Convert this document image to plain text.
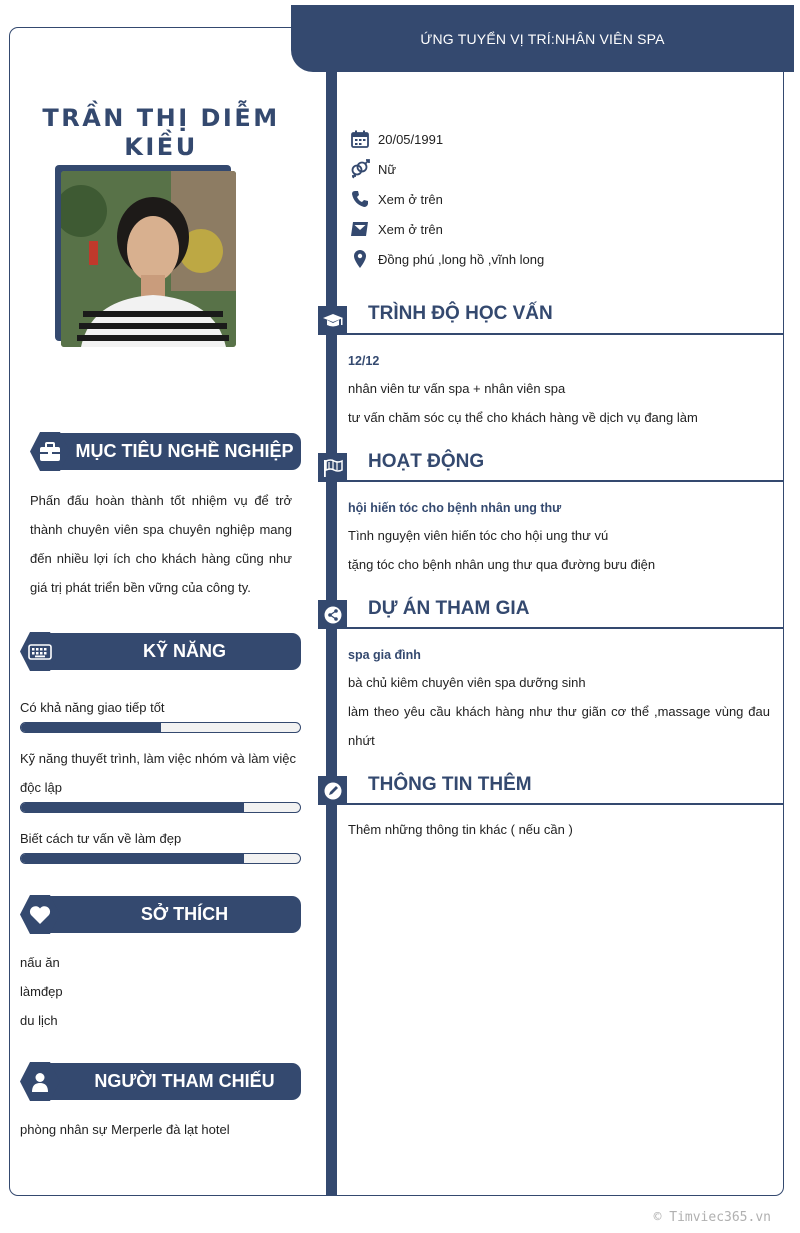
ỨNG TUYỂN VỊ TRÍ:NHÂN VIÊN SPA
TRẦN THỊ DIỄM KIỀU
MỤC TIÊU NGHỀ NGHIỆP
Phấn đấu hoàn thành tốt nhiệm vụ để trở thành chuyên viên spa chuyên nghiệp mang đến nhiều lợi ích cho khách hàng cũng như giá trị phát triển bền vững của công ty.
KỸ NĂNG
Có khả năng giao tiếp tốt
Kỹ năng thuyết trình, làm việc nhóm và làm việc độc lập
Biết cách tư vấn về làm đẹp
SỞ THÍCH
nấu ăn
làmđẹp
du lịch
NGƯỜI THAM CHIẾU
phòng nhân sự Merperle đà lạt hotel
20/05/1991
Nữ
Xem ở trên
Xem ở trên
Đồng phú ,long hồ ,vĩnh long
TRÌNH ĐỘ HỌC VẤN
12/12
nhân viên tư vấn spa + nhân viên spa
tư vấn chăm sóc cụ thể cho khách hàng về dịch vụ đang làm
HOẠT ĐỘNG
hội hiến tóc cho bệnh nhân ung thư
Tình nguyện viên hiến tóc cho hội ung thư vú
tặng tóc cho bệnh nhân ung thư qua đường bưu điện
DỰ ÁN THAM GIA
spa gia đình
bà chủ kiêm chuyên viên spa dưỡng sinh
làm theo yêu cầu khách hàng như thư giãn cơ thể ,massage vùng đau nhứt
THÔNG TIN THÊM
Thêm những thông tin khác ( nếu cần )
© Timviec365.vn
